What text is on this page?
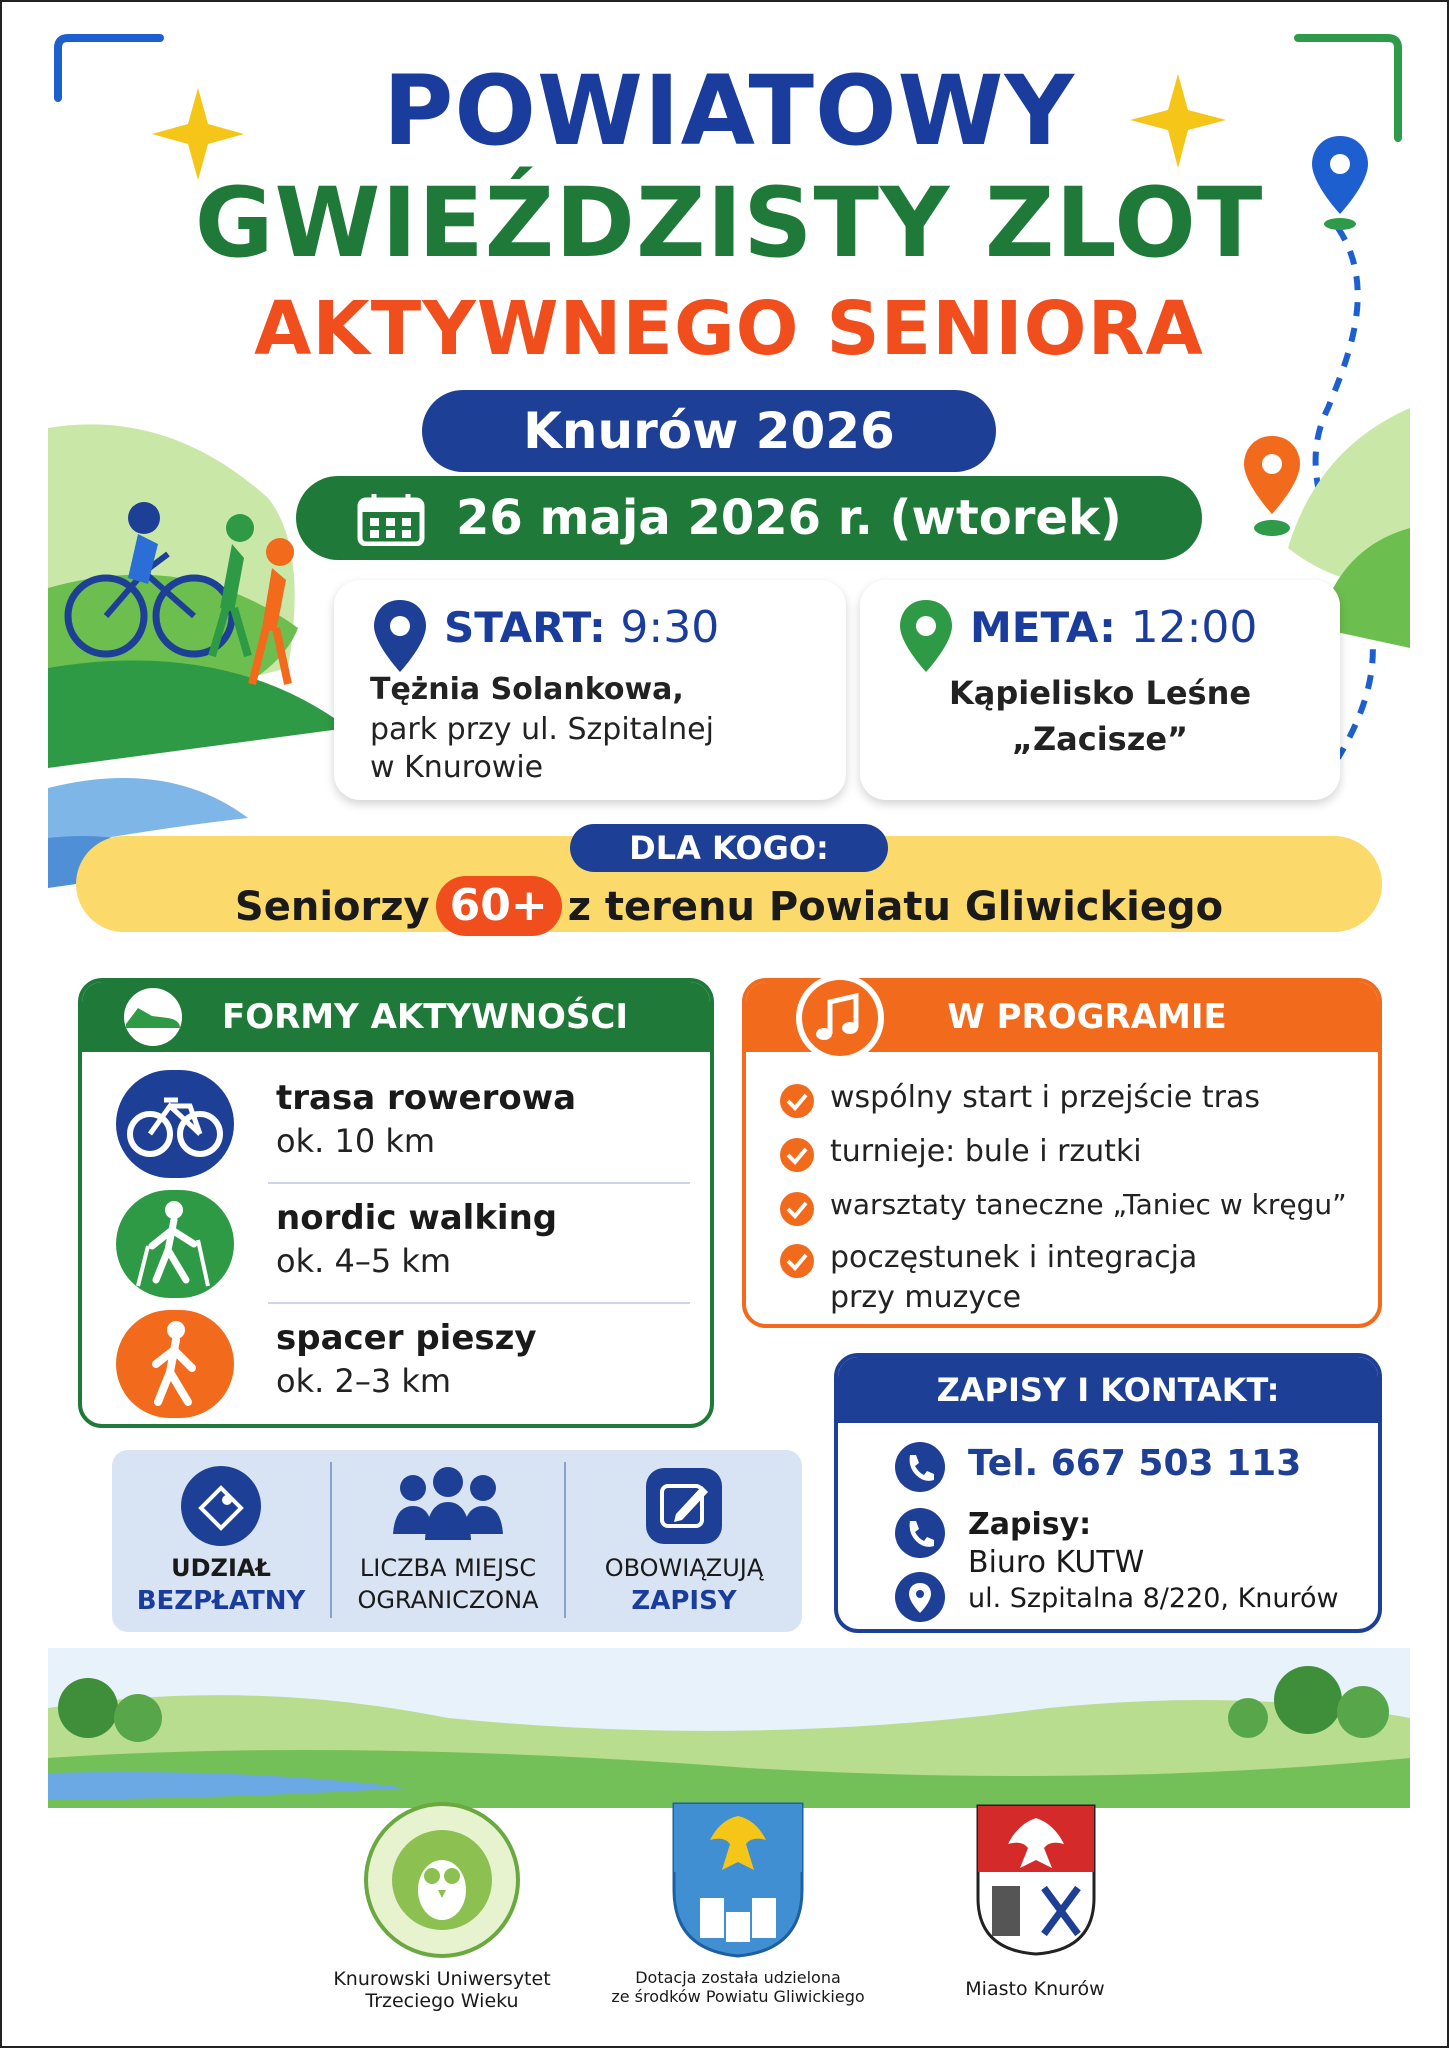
POWIATOWY
GWIEŹDZISTY ZLOT
AKTYWNEGO SENIORA
Knurów 2026
26 maja 2026 r. (wtorek)
START: 9:30
Tężnia Solankowa,
park przy ul. Szpitalnej
w Knurowie
META: 12:00
Kąpielisko Leśne
„Zacisze”
DLA KOGO:
Seniorzy 60+ z terenu Powiatu Gliwickiego
FORMY AKTYWNOŚCI
trasa rowerowa
ok. 10 km
nordic walking
ok. 4–5 km
spacer pieszy
ok. 2–3 km
W PROGRAMIE
wspólny start i przejście tras
turnieje: bule i rzutki
warsztaty taneczne „Taniec w kręgu”
poczęstunek i integracja
przy muzyce
UDZIAŁ
BEZPŁATNY
LICZBA MIEJSC
OGRANICZONA
OBOWIĄZUJĄ
ZAPISY
ZAPISY I KONTAKT:
Tel. 667 503 113
Zapisy:
Biuro KUTW
ul. Szpitalna 8/220, Knurów
Knurowski Uniwersytet
Trzeciego Wieku
Dotacja została udzielona
ze środków Powiatu Gliwickiego	Miasto Knurów
